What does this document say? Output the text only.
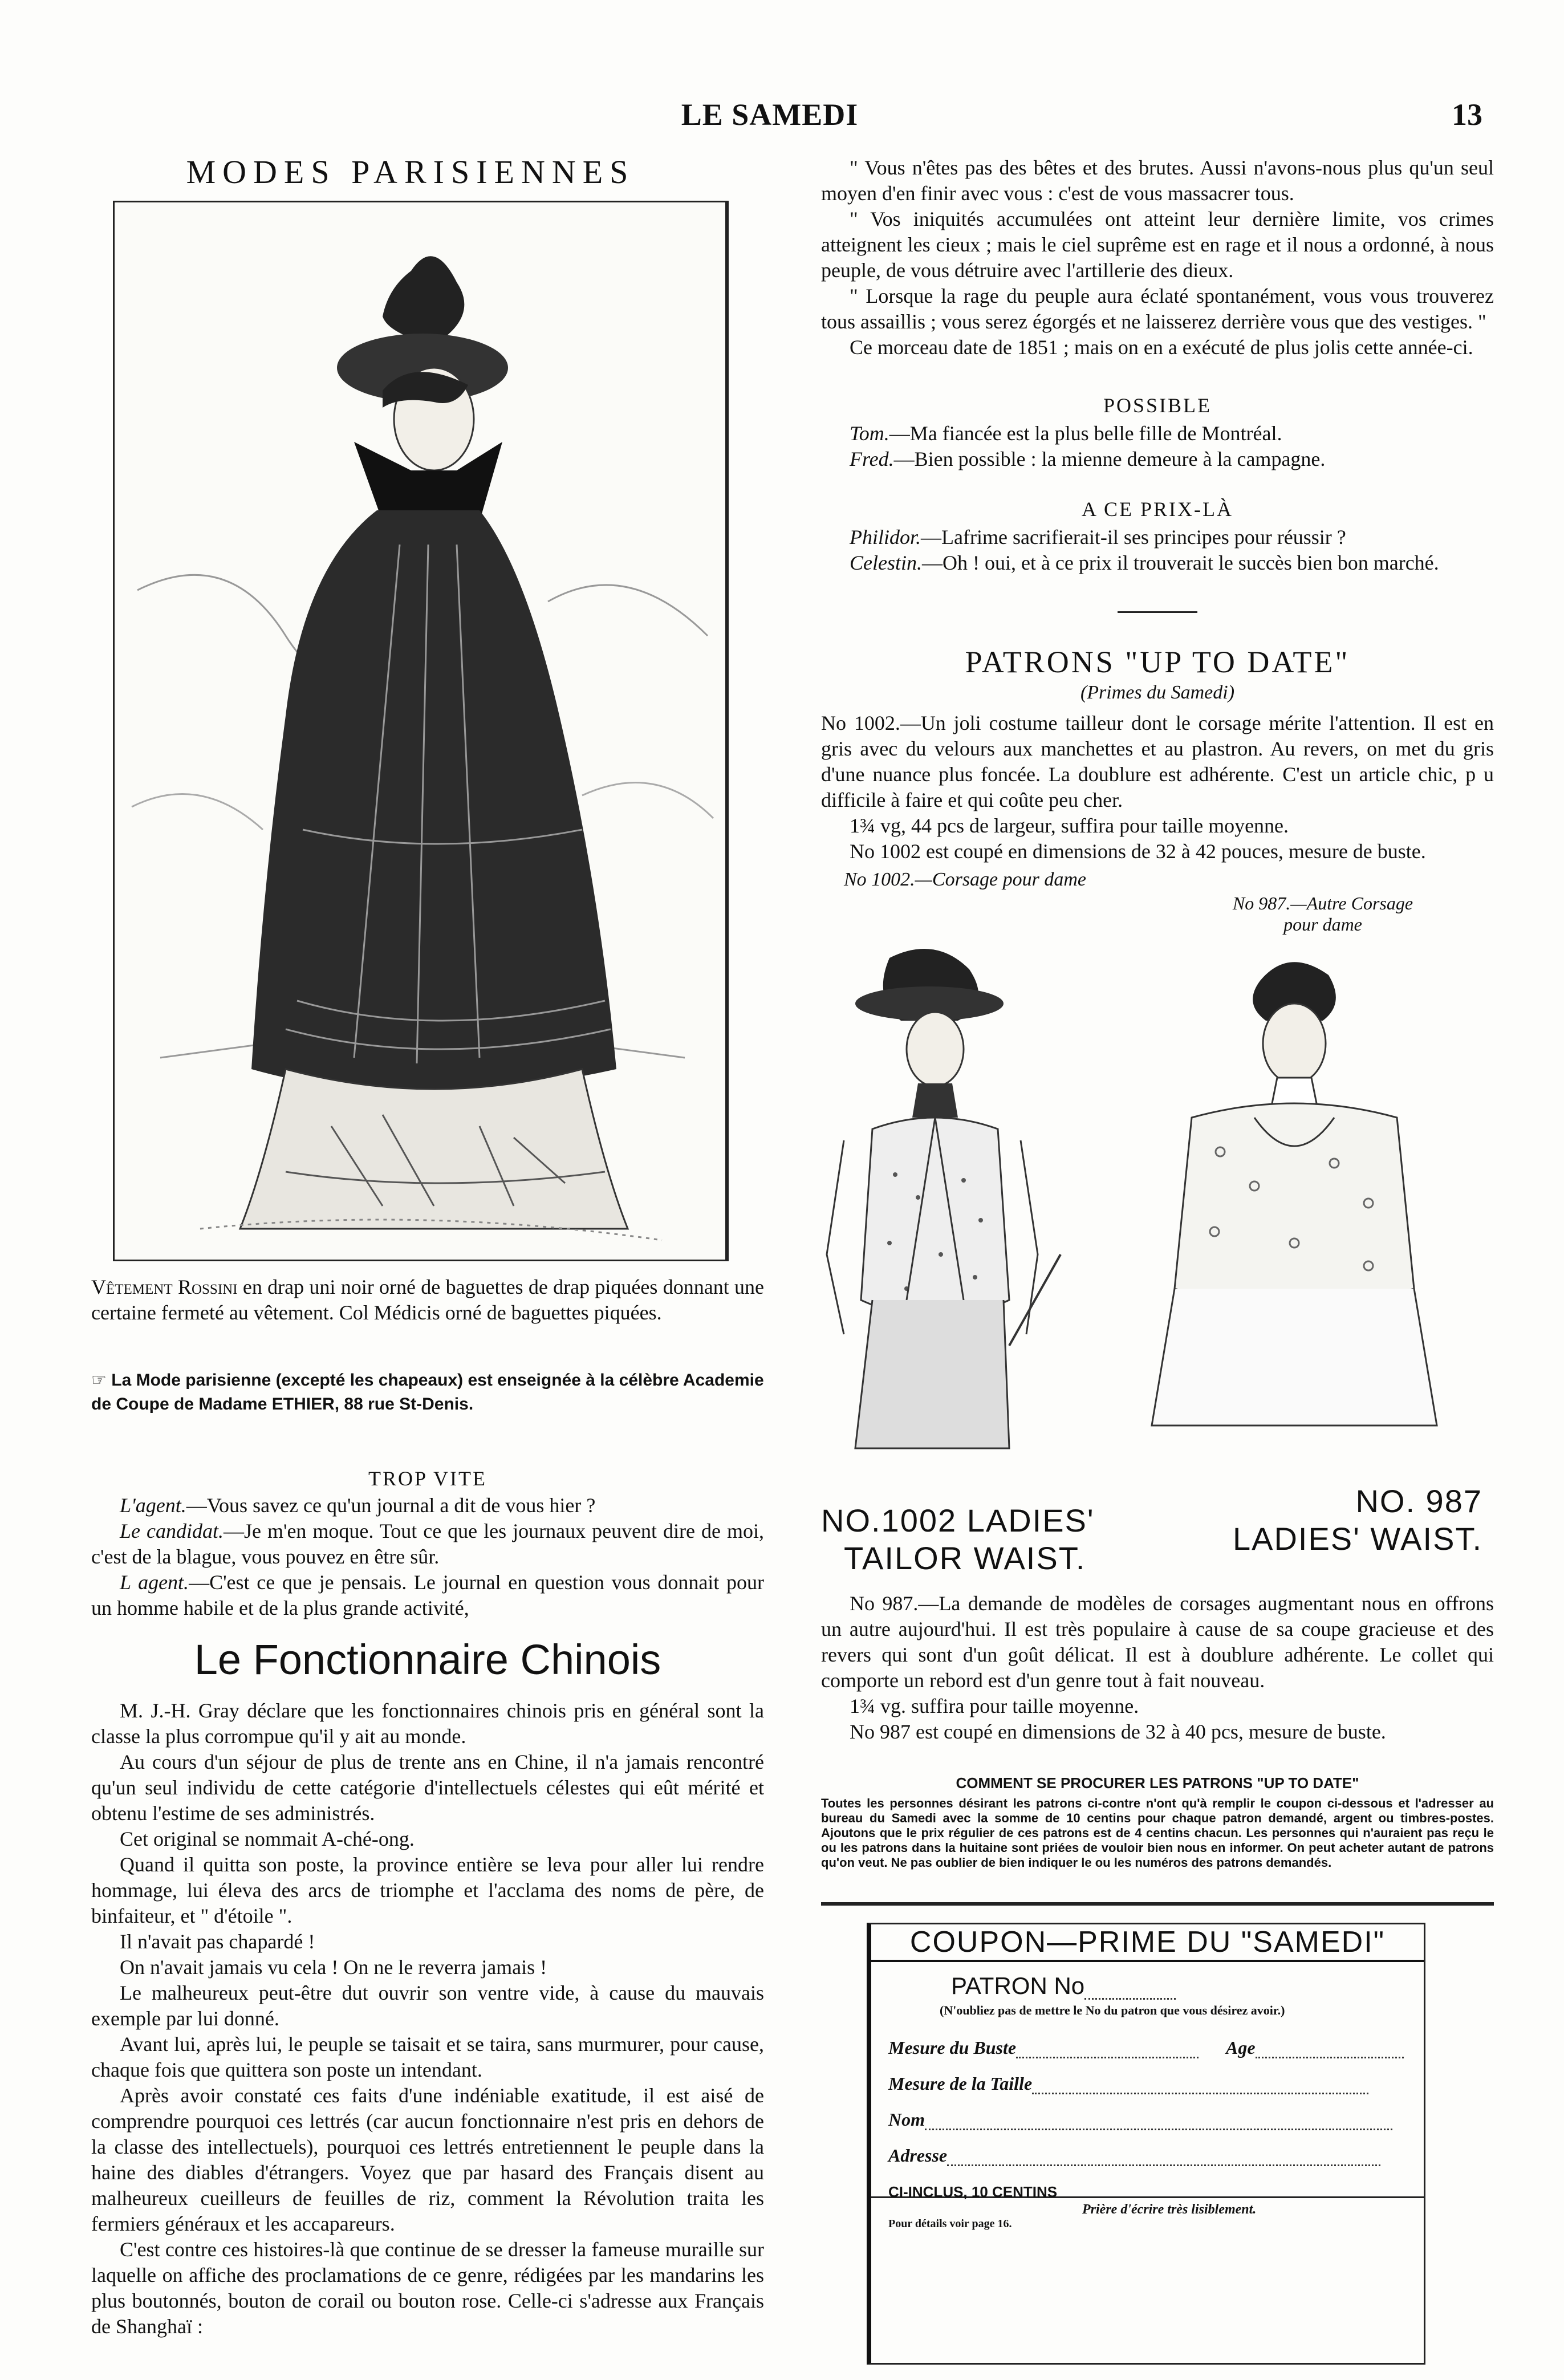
LE SAMEDI	13
MODES PARISIENNES

Vêtement Rossini en drap uni noir orné de baguettes de drap piquées donnant une certaine fermeté au vêtement. Col Médicis orné de baguettes piquées.

☞ La Mode parisienne (excepté les chapeaux) est enseignée à la célèbre Academie de Coupe de Madame ETHIER, 88 rue St-Denis.
TROP VITE

L'agent.—Vous savez ce qu'un journal a dit de vous hier ?

Le candidat.—Je m'en moque. Tout ce que les journaux peuvent dire de moi, c'est de la blague, vous pouvez en être sûr.

L agent.—C'est ce que je pensais. Le journal en question vous donnait pour un homme habile et de la plus grande activité,

Le Fonctionnaire Chinois

M. J.-H. Gray déclare que les fonctionnaires chinois pris en général sont la classe la plus corrompue qu'il y ait au monde.

Au cours d'un séjour de plus de trente ans en Chine, il n'a jamais rencontré qu'un seul individu de cette catégorie d'intellectuels célestes qui eût mérité et obtenu l'estime de ses administrés.

Cet original se nommait A-ché-ong.

Quand il quitta son poste, la province entière se leva pour aller lui rendre hommage, lui éleva des arcs de triomphe et l'acclama des noms de père, de binfaiteur, et " d'étoile ".

Il n'avait pas chapardé !

On n'avait jamais vu cela ! On ne le reverra jamais !

Le malheureux peut-être dut ouvrir son ventre vide, à cause du mauvais exemple par lui donné.

Avant lui, après lui, le peuple se taisait et se taira, sans murmurer, pour cause, chaque fois que quittera son poste un intendant.

Après avoir constaté ces faits d'une indéniable exatitude, il est aisé de comprendre pourquoi ces lettrés (car aucun fonctionnaire n'est pris en dehors de la classe des intellectuels), pourquoi ces lettrés entretiennent le peuple dans la haine des diables d'étrangers. Voyez que par hasard des Français disent au malheureux cueilleurs de feuilles de riz, comment la Révolution traita les fermiers généraux et les accapareurs.

C'est contre ces histoires-là que continue de se dresser la fameuse muraille sur laquelle on affiche des proclamations de ce genre, rédigées par les mandarins les plus boutonnés, bouton de corail ou bouton rose. Celle-ci s'adresse aux Français de Shanghaï :

" Vous n'êtes pas des bêtes et des brutes. Aussi n'avons-nous plus qu'un seul moyen d'en finir avec vous : c'est de vous massacrer tous.

" Vos iniquités accumulées ont atteint leur dernière limite, vos crimes atteignent les cieux ; mais le ciel suprême est en rage et il nous a ordonné, à nous peuple, de vous détruire avec l'artillerie des dieux.

" Lorsque la rage du peuple aura éclaté spontanément, vous vous trouverez tous assaillis ; vous serez égorgés et ne laisserez derrière vous que des vestiges. "

Ce morceau date de 1851 ; mais on en a exécuté de plus jolis cette année-ci.

POSSIBLE

Tom.—Ma fiancée est la plus belle fille de Montréal.

Fred.—Bien possible : la mienne demeure à la campagne.

A CE PRIX-LÀ

Philidor.—Lafrime sacrifierait-il ses principes pour réussir ?

Celestin.—Oh ! oui, et à ce prix il trouverait le succès bien bon marché.

PATRONS "UP TO DATE"
(Primes du Samedi)

No 1002.—Un joli costume tailleur dont le corsage mérite l'attention. Il est en gris avec du velours aux manchettes et au plastron. Au revers, on met du gris d'une nuance plus foncée. La doublure est adhérente. C'est un article chic, p u difficile à faire et qui coûte peu cher.

1¾ vg, 44 pcs de largeur, suffira pour taille moyenne.

No 1002 est coupé en dimensions de 32 à 42 pouces, mesure de buste.

No 1002.—Corsage pour dame
No 987.—Autre Corsage
pour dame
NO.1002 LADIES'
TAILOR WAIST.
NO. 987
LADIES' WAIST.

No 987.—La demande de modèles de corsages augmentant nous en offrons un autre aujourd'hui. Il est très populaire à cause de sa coupe gracieuse et des revers qui sont d'un goût délicat. Il est à doublure adhérente. Le collet qui comporte un rebord est d'un genre tout à fait nouveau.

1¾ vg. suffira pour taille moyenne.

No 987 est coupé en dimensions de 32 à 40 pcs, mesure de buste.

COMMENT SE PROCURER LES PATRONS "UP TO DATE"
Toutes les personnes désirant les patrons ci-contre n'ont qu'à remplir le coupon ci-dessous et l'adresser au bureau du Samedi avec la somme de 10 centins pour chaque patron demandé, argent ou timbres-postes. Ajoutons que le prix régulier de ces patrons est de 4 centins chacun. Les personnes qui n'auraient pas reçu le ou les patrons dans la huitaine sont priées de vouloir bien nous en informer. On peut acheter autant de patrons qu'on veut. Ne pas oublier de bien indiquer le ou les numéros des patrons demandés.
COUPON—PRIME DU "SAMEDI"
PATRON No
(N'oubliez pas de mettre le No du patron que vous désirez avoir.)
Mesure du Buste	Age
Mesure de la Taille
Nom
Adresse
CI-INCLUS, 10 CENTINS
Prière d'écrire très lisiblement.
Pour détails voir page 16.
